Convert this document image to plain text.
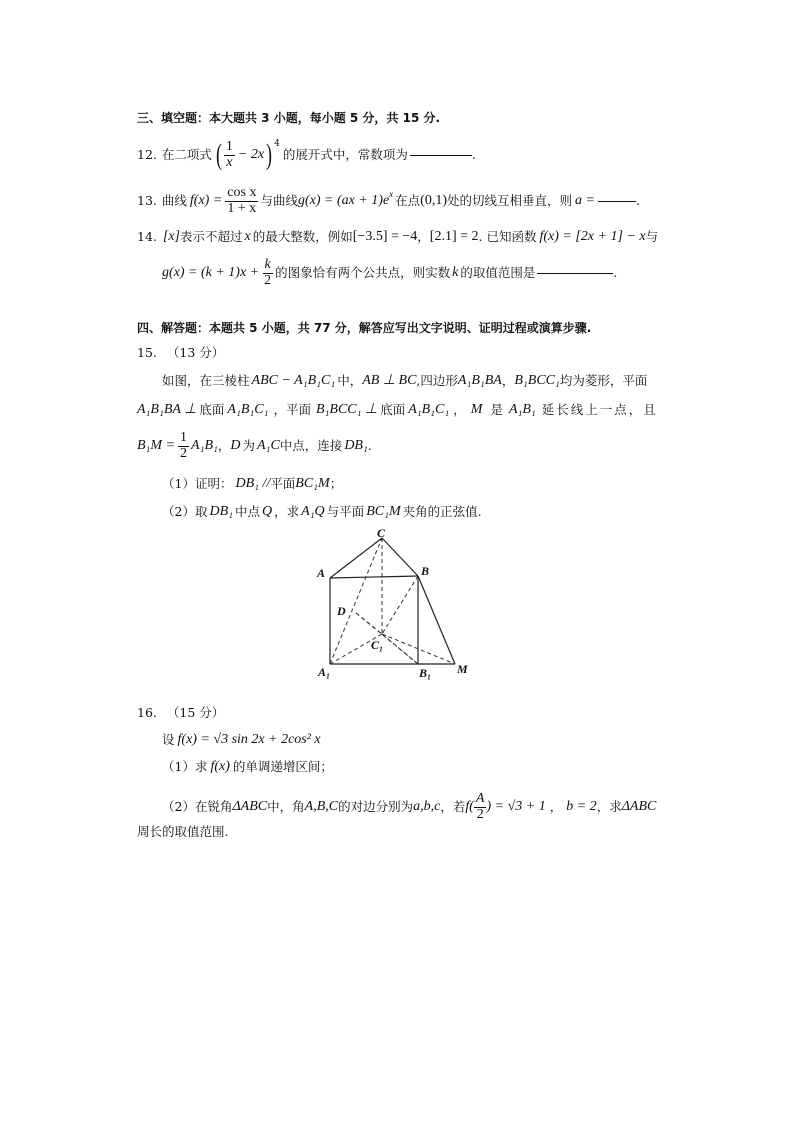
三、填空题：本大题共 3 小题，每小题 5 分，共 15 分.
12. 在二项式 ( $\frac{1}{x} - 2x$ ) 4
的展开式中，常数项为	.
13. 曲线 $f(x) = \frac{\text{cos x}}{1 + x}$ 与曲线 g(x) = (ax + 1)e x 在点 (0,1) 处的切线互相垂直，则 a =	.
14. [x] 表示不超过 x 的最大整数，例如 [−3.5] = −4 ， [2.1] = 2 . 已知函数 f(x) = [2x + 1] − x 与
$g(x) = (k + 1)x + \frac{k}{2}$ 的图象恰有两个公共点，则实数 k 的取值范围是	.
四、解答题：本题共 5 小题，共 77 分，解答应写出文字说明、证明过程或演算步骤.
15. （13 分）
如图，在三棱柱 ABC − A₁B₁C₁ 中， AB ⊥ BC ,四边形 A₁B₁BA ， B₁BCC₁ 均为菱形，平面
A₁B₁BA ⊥ 底面 A₁B₁C₁ ，平面 B₁BCC₁ ⊥ 底面 A₁B₁C₁ ， M 是 A₁B₁ 延长线上一点，且
$B_1M = \frac{1}{2} A_1B_1$ ， D 为 A₁C 中点，连接 DB₁ .
（1）证明： DB₁ // 平面 BC₁M ；
（2）取 DB₁ 中点 Q ，求 A₁Q 与平面 BC₁M 夹角的正弦值.
C
A	B
D
C₁
A₁	B₁ M
16. （15 分）
设 f(x) = √3 sin 2x + 2cos² x
（1）求 f(x) 的单调递增区间；
（2）在锐角 ΔABC 中，角 A,B,C 的对边分别为 a,b,c ，若 $f( \frac{A}{2}$ ) = √3 + 1 ， b = 2 ，求 ΔABC
周长的取值范围.
